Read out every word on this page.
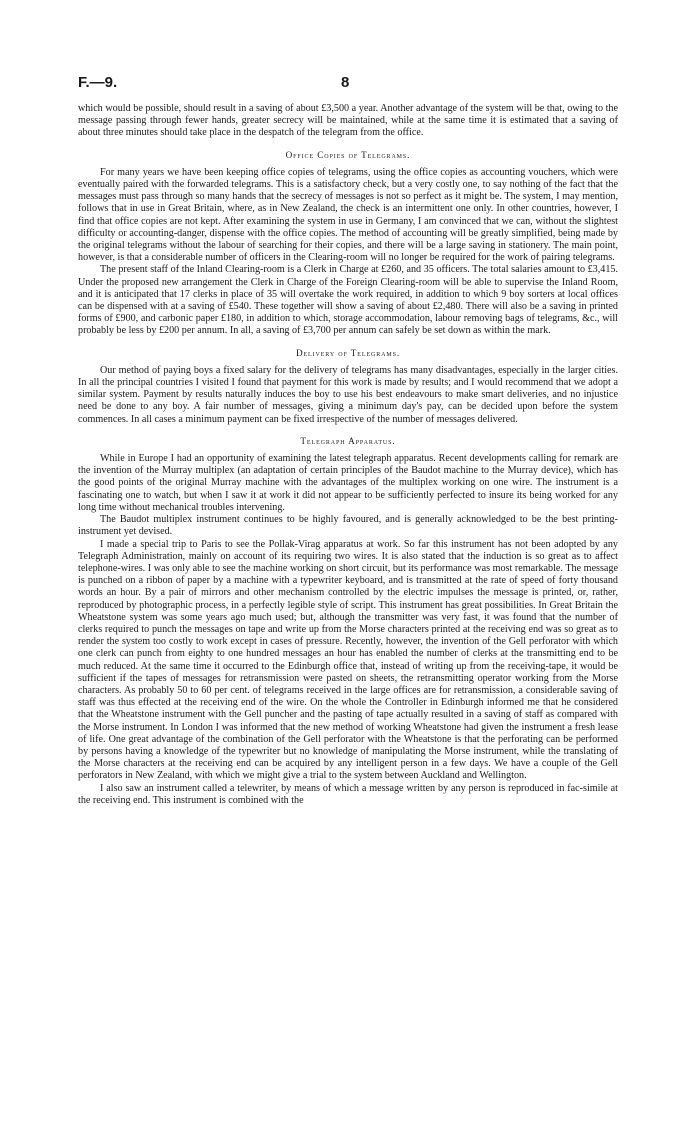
F.—9.	8

which would be possible, should result in a saving of about £3,500 a year. Another advantage of the system will be that, owing to the message passing through fewer hands, greater secrecy will be maintained, while at the same time it is estimated that a saving of about three minutes should take place in the despatch of the telegram from the office.

Office Copies of Telegrams.

For many years we have been keeping office copies of telegrams, using the office copies as accounting vouchers, which were eventually paired with the forwarded telegrams. This is a satisfactory check, but a very costly one, to say nothing of the fact that the messages must pass through so many hands that the secrecy of messages is not so perfect as it might be. The system, I may mention, follows that in use in Great Britain, where, as in New Zealand, the check is an intermittent one only. In other countries, however, I find that office copies are not kept. After examining the system in use in Germany, I am convinced that we can, without the slightest difficulty or accounting-danger, dispense with the office copies. The method of accounting will be greatly simplified, being made by the original telegrams without the labour of searching for their copies, and there will be a large saving in stationery. The main point, however, is that a considerable number of officers in the Clearing-room will no longer be required for the work of pairing telegrams.

The present staff of the Inland Clearing-room is a Clerk in Charge at £260, and 35 officers. The total salaries amount to £3,415. Under the proposed new arrangement the Clerk in Charge of the Foreign Clearing-room will be able to supervise the Inland Room, and it is anticipated that 17 clerks in place of 35 will overtake the work required, in addition to which 9 boy sorters at local offices can be dispensed with at a saving of £540. These together will show a saving of about £2,480. There will also be a saving in printed forms of £900, and carbonic paper £180, in addition to which, storage accommodation, labour removing bags of telegrams, &c., will probably be less by £200 per annum. In all, a saving of £3,700 per annum can safely be set down as within the mark.

Delivery of Telegrams.

Our method of paying boys a fixed salary for the delivery of telegrams has many disadvantages, especially in the larger cities. In all the principal countries I visited I found that payment for this work is made by results; and I would recommend that we adopt a similar system. Payment by results naturally induces the boy to use his best endeavours to make smart deliveries, and no injustice need be done to any boy. A fair number of messages, giving a minimum day's pay, can be decided upon before the system commences. In all cases a minimum payment can be fixed irrespective of the number of messages delivered.

Telegraph Apparatus.

While in Europe I had an opportunity of examining the latest telegraph apparatus. Recent developments calling for remark are the invention of the Murray multiplex (an adaptation of certain principles of the Baudot machine to the Murray device), which has the good points of the original Murray machine with the advantages of the multiplex working on one wire. The instrument is a fascinating one to watch, but when I saw it at work it did not appear to be sufficiently perfected to insure its being worked for any long time without mechanical troubles intervening.

The Baudot multiplex instrument continues to be highly favoured, and is generally acknowledged to be the best printing-instrument yet devised.

I made a special trip to Paris to see the Pollak-Virag apparatus at work. So far this instrument has not been adopted by any Telegraph Administration, mainly on account of its requiring two wires. It is also stated that the induction is so great as to affect telephone-wires. I was only able to see the machine working on short circuit, but its performance was most remarkable. The message is punched on a ribbon of paper by a machine with a typewriter keyboard, and is transmitted at the rate of speed of forty thousand words an hour. By a pair of mirrors and other mechanism controlled by the electric impulses the message is printed, or, rather, reproduced by photographic process, in a perfectly legible style of script. This instrument has great possibilities. In Great Britain the Wheatstone system was some years ago much used; but, although the transmitter was very fast, it was found that the number of clerks required to punch the messages on tape and write up from the Morse characters printed at the receiving end was so great as to render the system too costly to work except in cases of pressure. Recently, however, the invention of the Gell perforator with which one clerk can punch from eighty to one hundred messages an hour has enabled the number of clerks at the transmitting end to be much reduced. At the same time it occurred to the Edinburgh office that, instead of writing up from the receiving-tape, it would be sufficient if the tapes of messages for retransmission were pasted on sheets, the retransmitting operator working from the Morse characters. As probably 50 to 60 per cent. of telegrams received in the large offices are for retransmission, a considerable saving of staff was thus effected at the receiving end of the wire. On the whole the Controller in Edinburgh informed me that he considered that the Wheatstone instrument with the Gell puncher and the pasting of tape actually resulted in a saving of staff as compared with the Morse instrument. In London I was informed that the new method of working Wheatstone had given the instrument a fresh lease of life. One great advantage of the combination of the Gell perforator with the Wheatstone is that the perforating can be performed by persons having a knowledge of the typewriter but no knowledge of manipulating the Morse instrument, while the translating of the Morse characters at the receiving end can be acquired by any intelligent person in a few days. We have a couple of the Gell perforators in New Zealand, with which we might give a trial to the system between Auckland and Wellington.

I also saw an instrument called a telewriter, by means of which a message written by any person is reproduced in fac-simile at the receiving end. This instrument is combined with the
